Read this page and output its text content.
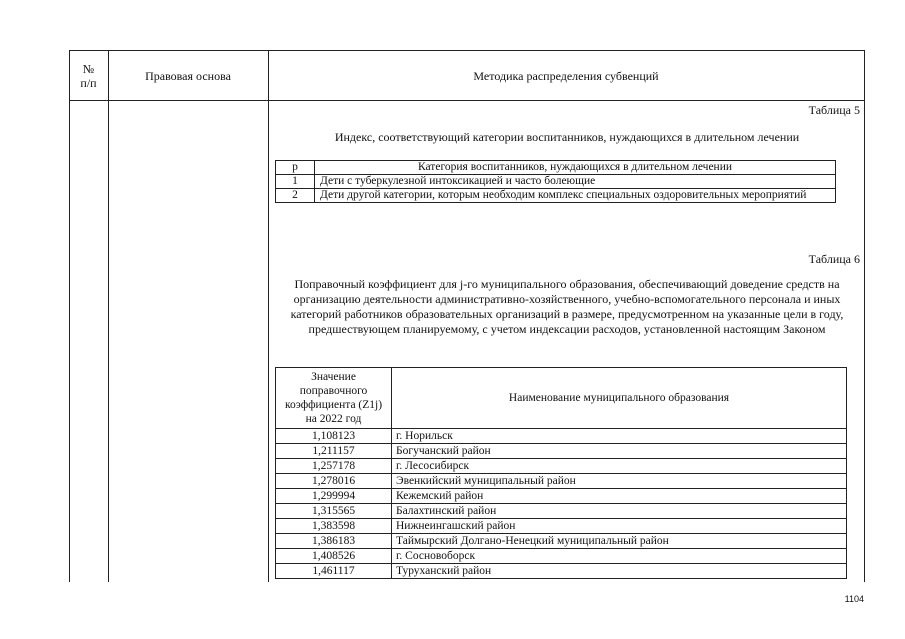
№
п/п	Правовая основа	Методика распределения субвенций
Таблица 5
Индекс, соответствующий категории воспитанников, нуждающихся в длительном лечении
p	Категория воспитанников, нуждающихся в длительном лечении
1	Дети с туберкулезной интоксикацией и часто болеющие
2	Дети другой категории, которым необходим комплекс специальных оздоровительных мероприятий
Таблица 6
Поправочный коэффициент для j-го муниципального образования, обеспечивающий доведение средств на организацию деятельности административно-хозяйственного, учебно-вспомогательного персонала и иных категорий работников образовательных организаций в размере, предусмотренном на указанные цели в году, предшествующем планируемому, с учетом индексации расходов, установленной настоящим Законом
Значение поправочного коэффициента (Z1j) на 2022 год	Наименование муниципального образования
1,108123	г. Норильск
1,211157	Богучанский район
1,257178	г. Лесосибирск
1,278016	Эвенкийский муниципальный район
1,299994	Кежемский район
1,315565	Балахтинский район
1,383598	Нижнеингашский район
1,386183	Таймырский Долгано-Ненецкий муниципальный район
1,408526	г. Сосновоборск
1,461117	Туруханский район
1104
